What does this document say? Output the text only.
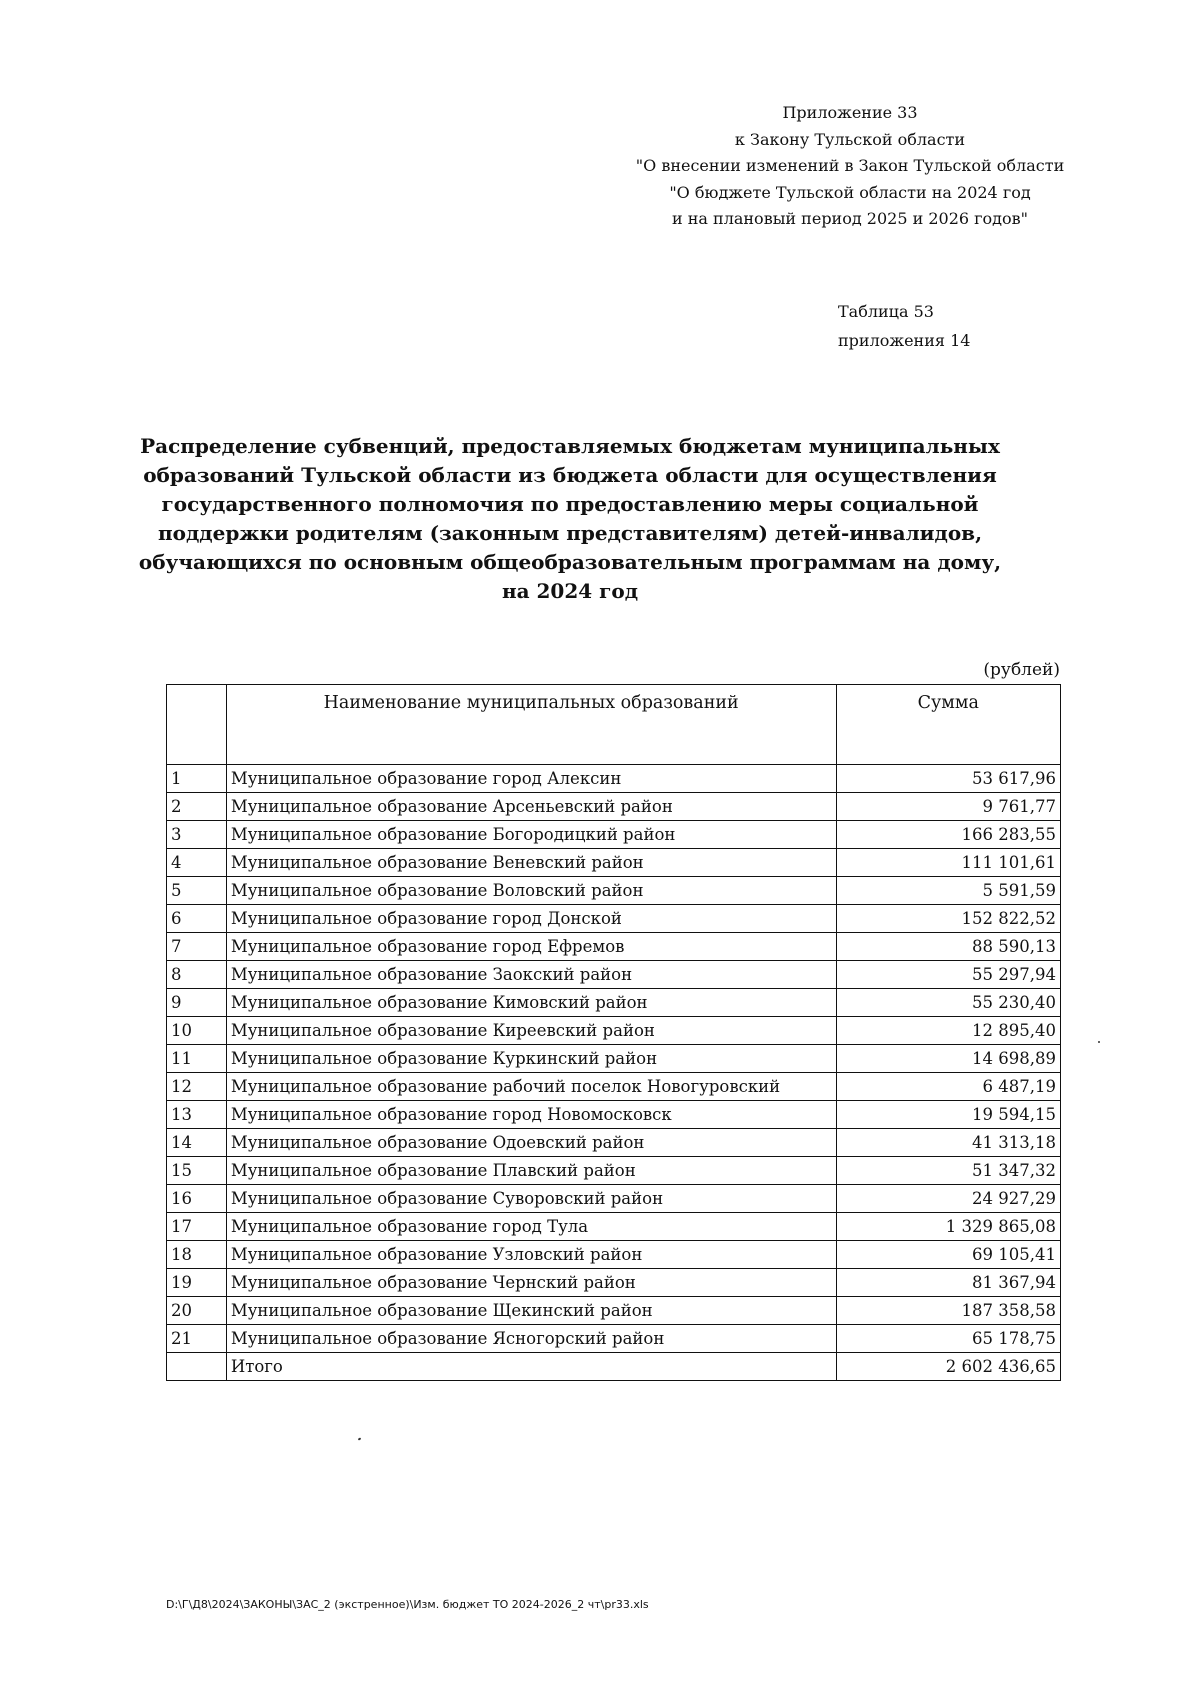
Приложение 33
к Закону Тульской области
"О внесении изменений в Закон Тульской области
"О бюджете Тульской области на 2024 год
и на плановый период 2025 и 2026 годов"
Таблица 53
приложения 14
Распределение субвенций, предоставляемых бюджетам муниципальных образований Тульской области из бюджета области для осуществления государственного полномочия по предоставлению меры социальной поддержки родителям (законным представителям) детей-инвалидов, обучающихся по основным общеобразовательным программам на дому, на 2024 год
(рублей)
	Наименование муниципальных образований	Сумма
1	Муниципальное образование город Алексин	53 617,96
2	Муниципальное образование Арсеньевский район	9 761,77
3	Муниципальное образование Богородицкий район	166 283,55
4	Муниципальное образование Веневский район	111 101,61
5	Муниципальное образование Воловский район	5 591,59
6	Муниципальное образование город Донской	152 822,52
7	Муниципальное образование город Ефремов	88 590,13
8	Муниципальное образование Заокский район	55 297,94
9	Муниципальное образование Кимовский район	55 230,40
10	Муниципальное образование Киреевский район	12 895,40
11	Муниципальное образование Куркинский район	14 698,89
12	Муниципальное образование рабочий поселок Новогуровский	6 487,19
13	Муниципальное образование город Новомосковск	19 594,15
14	Муниципальное образование Одоевский район	41 313,18
15	Муниципальное образование Плавский район	51 347,32
16	Муниципальное образование Суворовский район	24 927,29
17	Муниципальное образование город Тула	1 329 865,08
18	Муниципальное образование Узловский район	69 105,41
19	Муниципальное образование Чернский район	81 367,94
20	Муниципальное образование Щекинский район	187 358,58
21	Муниципальное образование Ясногорский район	65 178,75
	Итого	2 602 436,65
D:\Г\Д8\2024\ЗАКОНЫ\ЗАС_2 (экстренное)\Изм. бюджет ТО 2024-2026_2 чт\pr33.xls
